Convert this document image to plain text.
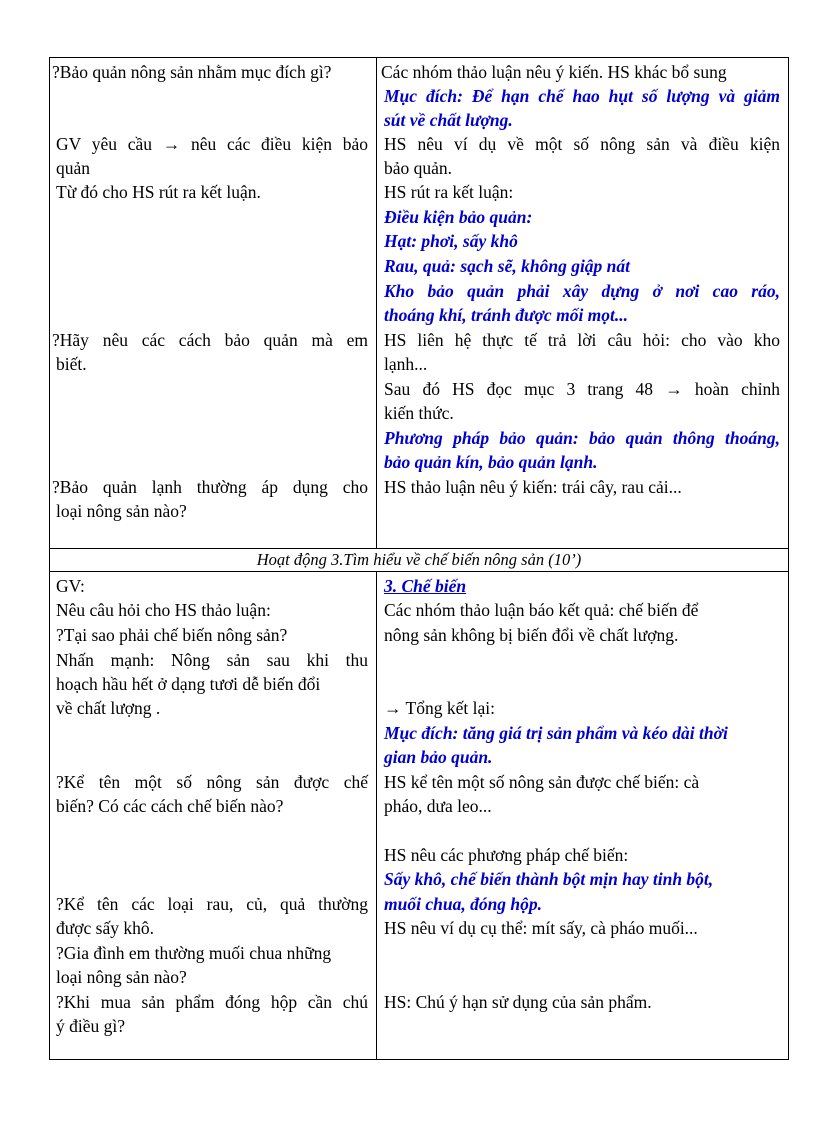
?Bảo quản nông sản nhằm mục đích gì?
GV yêu cầu → nêu các điều kiện bảo
quản
Từ đó cho HS rút ra kết luận.
?Hãy nêu các cách bảo quản mà em
biết.
?Bảo quản lạnh thường áp dụng cho
loại nông sản nào?
Các nhóm thảo luận nêu ý kiến. HS khác bổ sung
Mục đích: Để hạn chế hao hụt số lượng và giảm
sút về chất lượng.
HS nêu ví dụ về một số nông sản và điều kiện
bảo quản.
HS rút ra kết luận:
Điều kiện bảo quản:
Hạt: phơi, sấy khô
Rau, quả: sạch sẽ, không giập nát
Kho bảo quản phải xây dựng ở nơi cao ráo,
thoáng khí, tránh được mối mọt...
HS liên hệ thực tế trả lời câu hỏi: cho vào kho
lạnh...
Sau đó HS đọc mục 3 trang 48 → hoàn chỉnh
kiến thức.
Phương pháp bảo quản: bảo quản thông thoáng,
bảo quản kín, bảo quản lạnh.
HS thảo luận nêu ý kiến: trái cây, rau cải...
Hoạt động 3.Tìm hiểu về chế biến nông sản (10’)
GV:
Nêu câu hỏi cho HS thảo luận:
?Tại sao phải chế biến nông sản?
Nhấn mạnh: Nông sản sau khi thu
hoạch hầu hết ở dạng tươi dễ biến đổi
về chất lượng .
?Kể tên một số nông sản được chế
biến? Có các cách chế biến nào?
?Kể tên các loại rau, củ, quả thường
được sấy khô.
?Gia đình em thường muối chua những
loại nông sản nào?
?Khi mua sản phẩm đóng hộp cần chú
ý điều gì?
3. Chế biến
Các nhóm thảo luận báo kết quả: chế biến để
nông sản không bị biến đổi về chất lượng.
→ Tổng kết lại:
Mục đích: tăng giá trị sản phẩm và kéo dài thời
gian bảo quản.
HS kể tên một số nông sản được chế biến: cà
pháo, dưa leo...
HS nêu các phương pháp chế biến:
Sấy khô, chế biến thành bột mịn hay tinh bột,
muối chua, đóng hộp.
HS nêu ví dụ cụ thể: mít sấy, cà pháo muối...
HS: Chú ý hạn sử dụng của sản phẩm.
